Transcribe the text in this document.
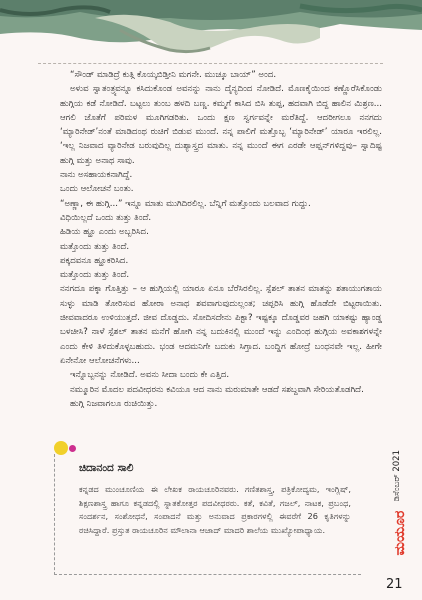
“ಸೌಂಡ್ ಮಾಡಿದ್ರೆ ಕುತ್ಗಿ ಕೊಯ್ಕಬಿಡ್ತೀನಿ ಮಗನೇ. ಮುಚ್ಕೂ ಬಾಯ್” ಅಂದ.

ಅಳುವ ಸ್ವಾತಂತ್ರ್ಯವನ್ನೂ ಕಸಿದುಕೊಂಡ ಅವನನ್ನು ನಾನು ದೈನ್ಯದಿಂದ ನೋಡಿದೆ. ಮೊಣಕೈಯಿಂದ ಕಣ್ಣೊರೆಸಿಕೊಂಡು ಹುಗ್ಗಿಯ ಕಡೆ ನೋಡಿದೆ. ಬಟ್ಟಲು ತುಂಬ ಹಳದಿ ಬಣ್ಣ. ಕಮ್ಮಗೆ ಕಾಸಿದ ಬಿಸಿ ತುಪ್ಪ, ಹದವಾಗಿ ಬಿದ್ದ ಹಾಲಿನ ಮಿಶ್ರಣ... ಆಗಲಿ ಜೊತೆಗೆ ಪರಿಮಳ ಮೂಗಿಗಡರಿತು. ಒಂದು ಕ್ಷಣ ಸ್ವರ್ಗವನ್ನೇ ಮರೆತಿದ್ದೆ. ಆದರೀಗಲೂ ನನಗದು ‘ಮ್ಯಾರಿನೇಡ್’ನಂತೆ ಮಾಡಿದಂಥ ರುಚಿಗೆ ಬಿಡುವ ಮುಂದೆ. ನನ್ನ ಪಾಲಿಗೆ ಮತ್ತೊಬ್ಬ ‘ಮ್ಯಾರಿನೇಡ್’ ಯಾರೂ ಇರಲಿಲ್ಲ. ‘ಇಲ್ಲ ನಿಜವಾದ ವ್ಯಾರಿನೇಡ ಬರುವುದಿಲ್ಲ ದುಶ್ಯಾಸ್ತ್ರದ ಮಾತು. ನನ್ನ ಮುಂದೆ ಈಗ ಎರಡೇ ಆಪ್ಷನ್‌ಗಳಿದ್ದವು– ಸ್ವಾದಿಷ್ಟ ಹುಗ್ಗಿ ಮತ್ತು ಅನಾಥ ಸಾವು.

ನಾನು ಅಸಹಾಯಕನಾಗಿದ್ದೆ.

ಒಂದು ಆಲೋಚನೆ ಬಂತು.

“ಅಣ್ಣಾ, ಈ ಹುಗ್ಗಿ...” ಇನ್ನೂ ಮಾತು ಮುಗಿದಿರಲಿಲ್ಲ. ಬೆನ್ನಿಗೆ ಮತ್ತೊಂದು ಬಲವಾದ ಗುದ್ದು.

ವಿಧಿಯಿಲ್ಲದೆ ಒಂದು ತುತ್ತು ತಿಂದೆ.

ಹಿಡಿಯ ಹ್ಹೂ ಎಂದು ಅಬ್ಬರಿಸಿದ.

ಮತ್ತೊಂದು ತುತ್ತು ತಿಂದೆ.

ಪಕ್ಕದವನೂ ಹ್ಹೂಕರಿಸಿದ.

ಮತ್ತೊಂದು ತುತ್ತು ತಿಂದೆ.

ನನಗದೂ ಪಕ್ಕಾ ಗೊತ್ತಿತ್ತು – ಆ ಹುಗ್ಗಿಯಲ್ಲಿ ಯಾರೂ ಏನೂ ಬೆರೆಸಿರಲಿಲ್ಲ. ಸ್ಪೆಶಲ್ ತಾತನ ಮಾತನ್ನು ಶತಾಯುಗತಾಯ ಸುಳ್ಳು ಮಾಡಿ ತೋರಿಸುವ ಹೋರಾ ಅನಾಥ ಶವವಾಗುವುದುಲ್ಲಂತ; ಚಪ್ಪರಿಸಿ ಹುಗ್ಗಿ ಹೊಡೆದೇ ಬಿಟ್ಟರಾಯಿತು. ಜೀವವಾದರೂ ಉಳಿಯುತ್ತದೆ. ಜೀವ ದೊಡ್ಡದು. ಸೋದಿಸದೇನು ಪಿಕ್ಟಾ? ಇಷ್ಟಕ್ಕೂ ದೊಡ್ಡವರ ಜಹಗಿ ಯಾಕಷ್ಟು ಹ್ಯಾಂಡ್ಡ ಬಳಚೀಸಿ? ನಾಳೆ ಸ್ಪೆಶಲ್ ತಾತನ ಮನೆಗೆ ಹೋಗಿ ನನ್ನ ಬದುಕಿನಲ್ಲಿ ಮುಂದೆ ಇನ್ನು ಎಂದಿಂಥ ಹುಗ್ಗಿಯ ಅವಕಾಶಗಳನ್ನೇ ಎಂದು ಕೇಳಿ ತಿಳಿದುಕೊಳ್ಳಬಹುದು. ಭಂಡ ಆದಮನಿಗೇ ಬದುಕು ಸಿಗ್ತಾದ. ಬಂದ್ಡಿಗ ಹೋದ್ರೆ ಬಂಧನವೇ ಇಲ್ಲ. ಹೀಗೇ ಏನೇನೋ ಆಲೋಚನೆಗಳು...

ಇನ್ನೊಬ್ಬನನ್ನು ನೋಡಿದೆ. ಅವನು ಸೀದಾ ಬಂದು ಕೇ ಎತ್ತಿದ.

ನಮ್ಮೂರಿನ ಮೊದಲ ಪದವೀಧರನು ಕವಿಯೂ ಆದ ನಾನು ಮರುಮಾತೇ ಆಡದೆ ಸಶಬ್ದವಾಗಿ ಸೇರಿಯತೊಡಗಿದೆ.

ಹುಗ್ಗಿ ನಿಜವಾಗಲೂ ರುಚಿಯಿತ್ತು.

ಚಿದಾನಂದ ಸಾಲಿ
ಕನ್ನಡದ ಮುಂಚೂಣಿಯ ಈ ಲೇಖಕ ರಾಯಚೂರಿನವರು. ಗಣಿತಶಾಸ್ತ್ರ, ಪತ್ರಿಕೋದ್ಯಮ, ಇಂಗ್ಲಿಷ್, ಶಿಕ್ಷಣಶಾಸ್ತ್ರ ಹಾಗೂ ಕನ್ನಡದಲ್ಲಿ ಸ್ನಾತಕೋತ್ತರ ಪದವೀಧರರು. ಕತೆ, ಕವಿತೆ, ಗಜಲ್, ನಾಟಕ, ಪ್ರಬಂಧ, ಸಂದರ್ಶನ, ಸಂಶೋಧನೆ, ಸಂಪಾದನೆ ಮತ್ತು ಅನುವಾದ ಪ್ರಕಾರಗಳಲ್ಲಿ ಈವರೆಗೆ 26 ಕೃತಿಗಳನ್ನು ರಚಿಸಿದ್ದಾರೆ. ಪ್ರಸ್ತುತ ರಾಯಚೂರಿನ ಮೌಲಾನಾ ಆಜಾದ್ ಮಾದರಿ ಶಾಲೆಯ ಮುಖ್ಯೋಪಾಧ್ಯಾಯ.
ಡಿಸೆಂಬರ್ 2021
ಮಯೂರ
21
